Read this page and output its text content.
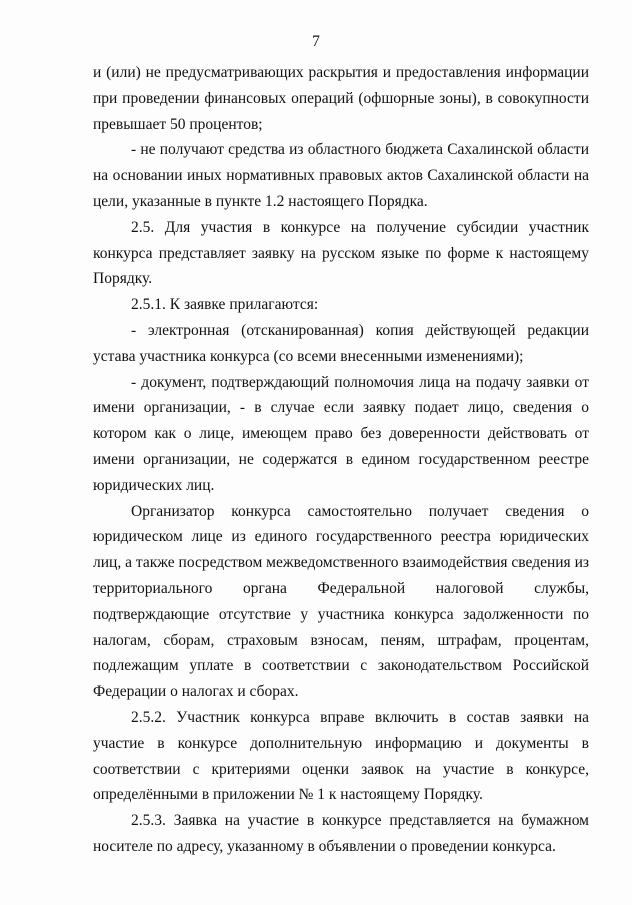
7

и (или) не предусматривающих раскрытия и предоставления информации при проведении финансовых операций (офшорные зоны), в совокупности превышает 50 процентов;

- не получают средства из областного бюджета Сахалинской области на основании иных нормативных правовых актов Сахалинской области на цели, указанные в пункте 1.2 настоящего Порядка.

2.5. Для участия в конкурсе на получение субсидии участник конкурса представляет заявку на русском языке по форме к настоящему Порядку.

2.5.1. К заявке прилагаются:

- электронная (отсканированная) копия действующей редакции устава участника конкурса (со всеми внесенными изменениями);

- документ, подтверждающий полномочия лица на подачу заявки от имени организации, - в случае если заявку подает лицо, сведения о котором как о лице, имеющем право без доверенности действовать от имени организации, не содержатся в едином государственном реестре юридических лиц.

Организатор конкурса самостоятельно получает сведения о юридическом лице из единого государственного реестра юридических лиц, а также посредством межведомственного взаимодействия сведения из территориального органа Федеральной налоговой службы, подтверждающие отсутствие у участника конкурса задолженности по налогам, сборам, страховым взносам, пеням, штрафам, процентам, подлежащим уплате в соответствии с законодательством Российской Федерации о налогах и сборах.

2.5.2. Участник конкурса вправе включить в состав заявки на участие в конкурсе дополнительную информацию и документы в соответствии с критериями оценки заявок на участие в конкурсе, определёнными в приложении № 1 к настоящему Порядку.

2.5.3. Заявка на участие в конкурсе представляется на бумажном носителе по адресу, указанному в объявлении о проведении конкурса.
